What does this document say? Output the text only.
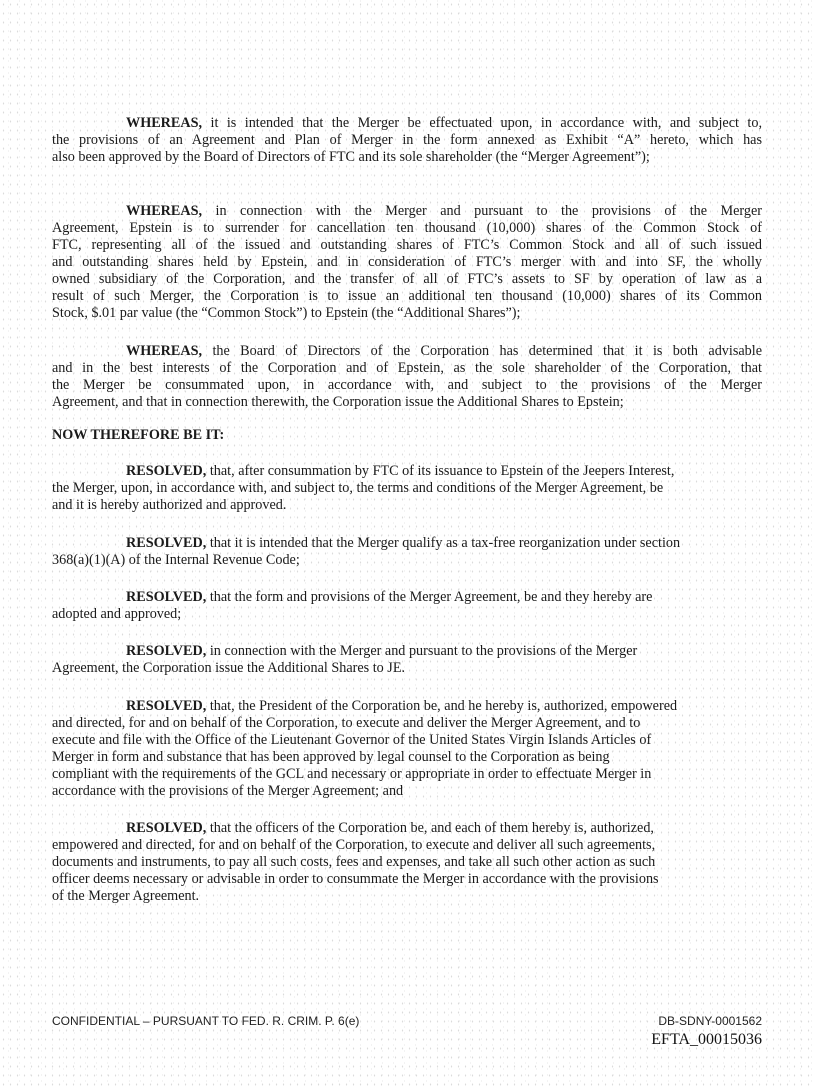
WHEREAS, it is intended that the Merger be effectuated upon, in accordance with, and subject to,
the provisions of an Agreement and Plan of Merger in the form annexed as Exhibit “A” hereto, which has
also been approved by the Board of Directors of FTC and its sole shareholder (the “Merger Agreement”);
WHEREAS, in connection with the Merger and pursuant to the provisions of the Merger
Agreement, Epstein is to surrender for cancellation ten thousand (10,000) shares of the Common Stock of
FTC, representing all of the issued and outstanding shares of FTC’s Common Stock and all of such issued
and outstanding shares held by Epstein, and in consideration of FTC’s merger with and into SF, the wholly
owned subsidiary of the Corporation, and the transfer of all of FTC’s assets to SF by operation of law as a
result of such Merger, the Corporation is to issue an additional ten thousand (10,000) shares of its Common
Stock, $.01 par value (the “Common Stock”) to Epstein (the “Additional Shares”);
WHEREAS, the Board of Directors of the Corporation has determined that it is both advisable
and in the best interests of the Corporation and of Epstein, as the sole shareholder of the Corporation, that
the Merger be consummated upon, in accordance with, and subject to the provisions of the Merger
Agreement, and that in connection therewith, the Corporation issue the Additional Shares to Epstein;
RESOLVED, that, after consummation by FTC of its issuance to Epstein of the Jeepers Interest,
the Merger, upon, in accordance with, and subject to, the terms and conditions of the Merger Agreement, be
and it is hereby authorized and approved.
RESOLVED, that it is intended that the Merger qualify as a tax-free reorganization under section
368(a)(1)(A) of the Internal Revenue Code;
RESOLVED, that the form and provisions of the Merger Agreement, be and they hereby are
adopted and approved;
RESOLVED, in connection with the Merger and pursuant to the provisions of the Merger
Agreement, the Corporation issue the Additional Shares to JE.
RESOLVED, that, the President of the Corporation be, and he hereby is, authorized, empowered
and directed, for and on behalf of the Corporation, to execute and deliver the Merger Agreement, and to
execute and file with the Office of the Lieutenant Governor of the United States Virgin Islands Articles of
Merger in form and substance that has been approved by legal counsel to the Corporation as being
compliant with the requirements of the GCL and necessary or appropriate in order to effectuate Merger in
accordance with the provisions of the Merger Agreement; and
RESOLVED, that the officers of the Corporation be, and each of them hereby is, authorized,
empowered and directed, for and on behalf of the Corporation, to execute and deliver all such agreements,
documents and instruments, to pay all such costs, fees and expenses, and take all such other action as such
officer deems necessary or advisable in order to consummate the Merger in accordance with the provisions
of the Merger Agreement.
NOW THEREFORE BE IT:
CONFIDENTIAL – PURSUANT TO FED. R. CRIM. P. 6(e)	DB-SDNY-0001562
EFTA_00015036
